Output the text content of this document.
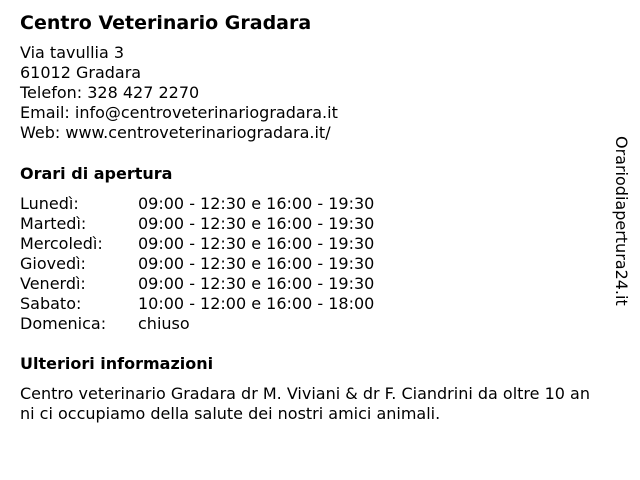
Centro Veterinario Gradara
Via tavullia 3
61012 Gradara
Telefon: 328 427 2270
Email: info@centroveterinariogradara.it
Web: www.centroveterinariogradara.it/
Orari di apertura
Lunedì:	09:00 - 12:30 e 16:00 - 19:30
Martedì:	09:00 - 12:30 e 16:00 - 19:30
Mercoledì: 09:00 - 12:30 e 16:00 - 19:30
Giovedì:	09:00 - 12:30 e 16:00 - 19:30
Venerdì:	09:00 - 12:30 e 16:00 - 19:30
Sabato:	10:00 - 12:00 e 16:00 - 18:00
Domenica: chiuso
Ulteriori informazioni
Centro veterinario Gradara dr M. Viviani & dr F. Ciandrini da oltre 10 anni ci occupiamo della salute dei nostri amici animali.
Orariodiapertura24.it
